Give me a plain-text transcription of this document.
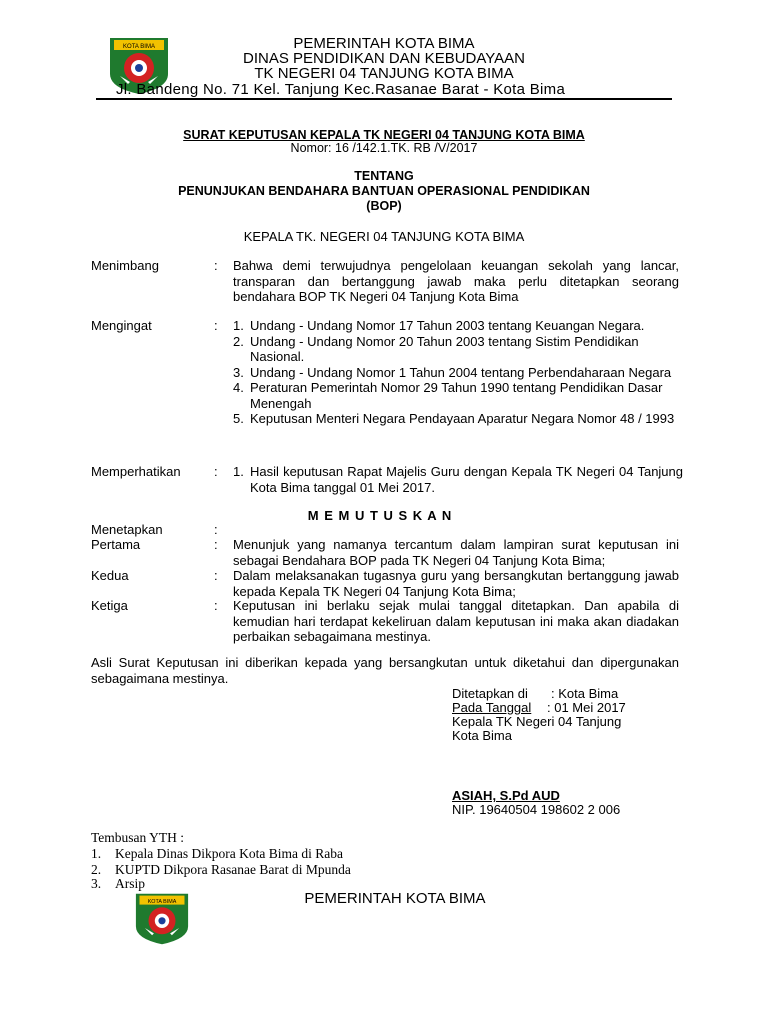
KOTA BIMA	PEMERINTAH KOTA BIMA
DINAS PENDIDIKAN DAN KEBUDAYAAN
TK NEGERI 04 TANJUNG KOTA BIMA
Jl. Bandeng No. 71 Kel. Tanjung Kec.Rasanae Barat - Kota Bima
SURAT KEPUTUSAN KEPALA TK NEGERI 04 TANJUNG KOTA BIMA
Nomor: 16 /142.1.TK. RB /V/2017
TENTANG
PENUNJUKAN BENDAHARA BANTUAN OPERASIONAL PENDIDIKAN
(BOP)
KEPALA TK. NEGERI 04 TANJUNG KOTA BIMA
Menimbang	: Bahwa demi terwujudnya pengelolaan keuangan sekolah yang lancar, transparan dan bertanggung jawab maka perlu ditetapkan seorang bendahara BOP TK Negeri 04 Tanjung Kota Bima
Mengingat	: 1. Undang - Undang Nomor 17 Tahun 2003 tentang Keuangan Negara.
2. Undang - Undang Nomor 20 Tahun 2003 tentang Sistim Pendidikan Nasional.
3. Undang - Undang Nomor 1 Tahun 2004 tentang Perbendaharaan Negara
4. Peraturan Pemerintah Nomor 29 Tahun 1990 tentang Pendidikan Dasar Menengah
5. Keputusan Menteri Negara Pendayaan Aparatur Negara Nomor 48 / 1993
Memperhatikan	: 1. Hasil keputusan Rapat Majelis Guru dengan Kepala TK Negeri 04 Tanjung Kota Bima tanggal 01 Mei 2017.
M E M U T U S K A N
Menetapkan	:
Pertama	: Menunjuk yang namanya tercantum dalam lampiran surat keputusan ini sebagai Bendahara BOP pada TK Negeri 04 Tanjung Kota Bima;
Kedua	: Dalam melaksanakan tugasnya guru yang bersangkutan bertanggung jawab kepada Kepala TK Negeri 04 Tanjung Kota Bima;
Ketiga	: Keputusan ini berlaku sejak mulai tanggal ditetapkan. Dan apabila di kemudian hari terdapat kekeliruan dalam keputusan ini maka akan diadakan perbaikan sebagaimana mestinya.
Asli Surat Keputusan ini diberikan kepada yang bersangkutan untuk diketahui dan dipergunakan sebagaimana mestinya.
Ditetapkan di : Kota Bima
Pada Tanggal : 01 Mei 2017
Kepala TK Negeri 04 Tanjung
Kota Bima
ASIAH, S.Pd AUD
NIP. 19640504 198602 2 006
Tembusan YTH :
1. Kepala Dinas Dikpora Kota Bima di Raba
2. KUPTD Dikpora Rasanae Barat di Mpunda
3. Arsip
KOTA BIMA	PEMERINTAH KOTA BIMA
